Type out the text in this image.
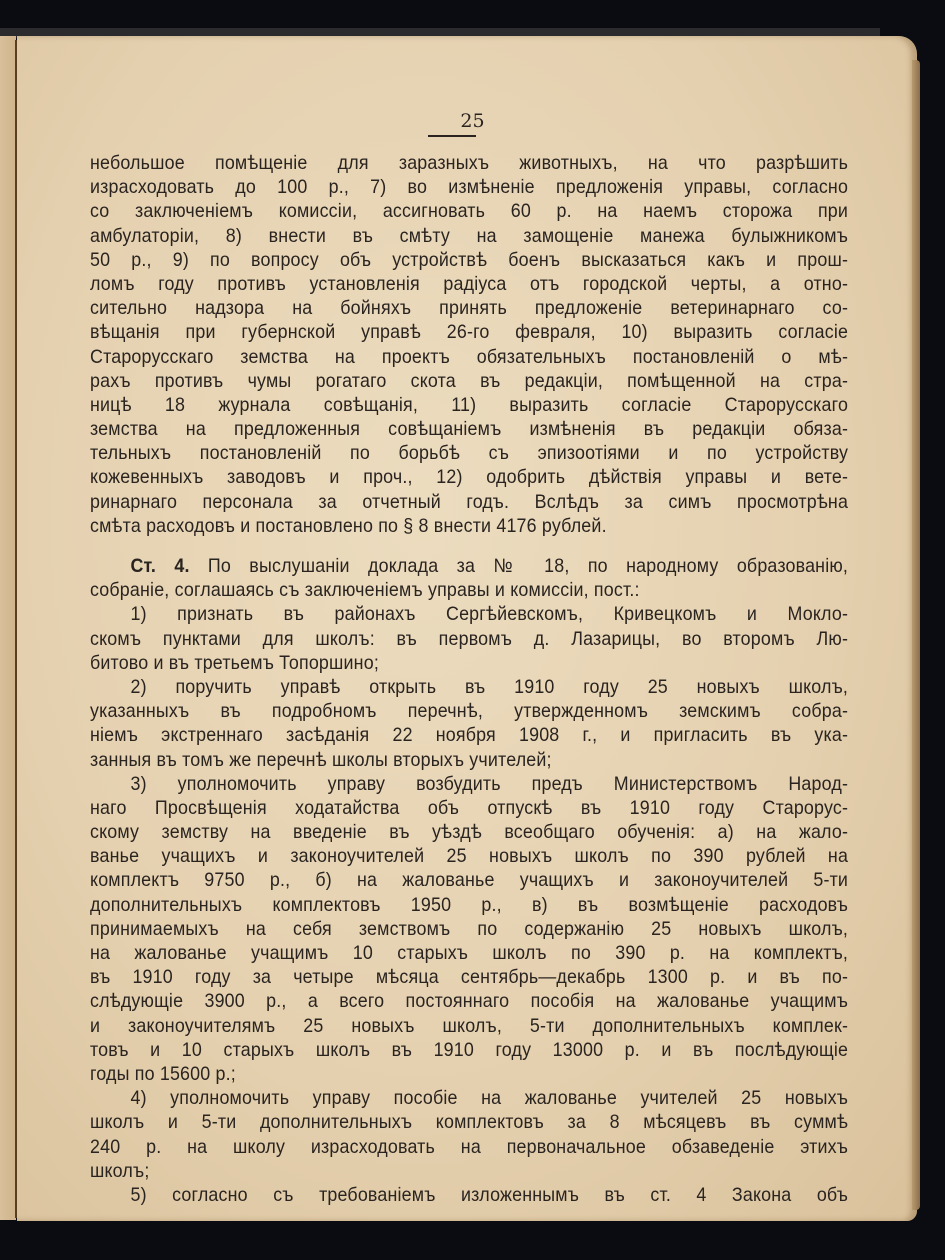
25
небольшое помѣщеніе для заразныхъ животныхъ, на что разрѣшить
израсходовать до 100 р., 7) во измѣненіе предложенія управы, согласно
со заключеніемъ комиссіи, ассигновать 60 р. на наемъ сторожа при
амбулаторіи, 8) внести въ смѣту на замощеніе манежа булыжникомъ
50 р., 9) по вопросу объ устройствѣ боенъ высказаться какъ и прош-
ломъ году противъ установленія радіуса отъ городской черты, а отно-
сительно надзора на бойняхъ принять предложеніе ветеринарнаго со-
вѣщанія при губернской управѣ 26-го февраля, 10) выразить согласіе
Старорусскаго земства на проектъ обязательныхъ постановленій о мѣ-
рахъ противъ чумы рогатаго скота въ редакціи, помѣщенной на стра-
ницѣ 18 журнала совѣщанія, 11) выразить согласіе Старорусскаго
земства на предложенныя совѣщаніемъ измѣненія въ редакціи обяза-
тельныхъ постановленій по борьбѣ съ эпизоотіями и по устройству
кожевенныхъ заводовъ и проч., 12) одобрить дѣйствія управы и вете-
ринарнаго персонала за отчетный годъ. Вслѣдъ за симъ просмотрѣна
смѣта расходовъ и постановлено по § 8 внести 4176 рублей.
Ст. 4. По выслушаніи доклада за № 18, по народному образованію,
собраніе, соглашаясь съ заключеніемъ управы и комиссіи, пост.:
1) признать въ районахъ Сергѣйевскомъ, Кривецкомъ и Мокло-
скомъ пунктами для школъ: въ первомъ д. Лазарицы, во второмъ Лю-
битово и въ третьемъ Топоршино;
2) поручить управѣ открыть въ 1910 году 25 новыхъ школъ,
указанныхъ въ подробномъ перечнѣ, утвержденномъ земскимъ собра-
ніемъ экстреннаго засѣданія 22 ноября 1908 г., и пригласить въ ука-
занныя въ томъ же перечнѣ школы вторыхъ учителей;
3) уполномочить управу возбудить предъ Министерствомъ Народ-
наго Просвѣщенія ходатайства объ отпускѣ въ 1910 году Старорус-
скому земству на введеніе въ уѣздѣ всеобщаго обученія: а) на жало-
ванье учащихъ и законоучителей 25 новыхъ школъ по 390 рублей на
комплектъ 9750 р., б) на жалованье учащихъ и законоучителей 5-ти
дополнительныхъ комплектовъ 1950 р., в) въ возмѣщеніе расходовъ
принимаемыхъ на себя земствомъ по содержанію 25 новыхъ школъ,
на жалованье учащимъ 10 старыхъ школъ по 390 р. на комплектъ,
въ 1910 году за четыре мѣсяца сентябрь—декабрь 1300 р. и въ по-
слѣдующіе 3900 р., а всего постояннаго пособія на жалованье учащимъ
и законоучителямъ 25 новыхъ школъ, 5-ти дополнительныхъ комплек-
товъ и 10 старыхъ школъ въ 1910 году 13000 р. и въ послѣдующіе
годы по 15600 р.;
4) уполномочить управу пособіе на жалованье учителей 25 новыхъ
школъ и 5-ти дополнительныхъ комплектовъ за 8 мѣсяцевъ въ суммѣ
240 р. на школу израсходовать на первоначальное обзаведеніе этихъ
школъ;
5) согласно съ требованіемъ изложеннымъ въ ст. 4 Закона объ
